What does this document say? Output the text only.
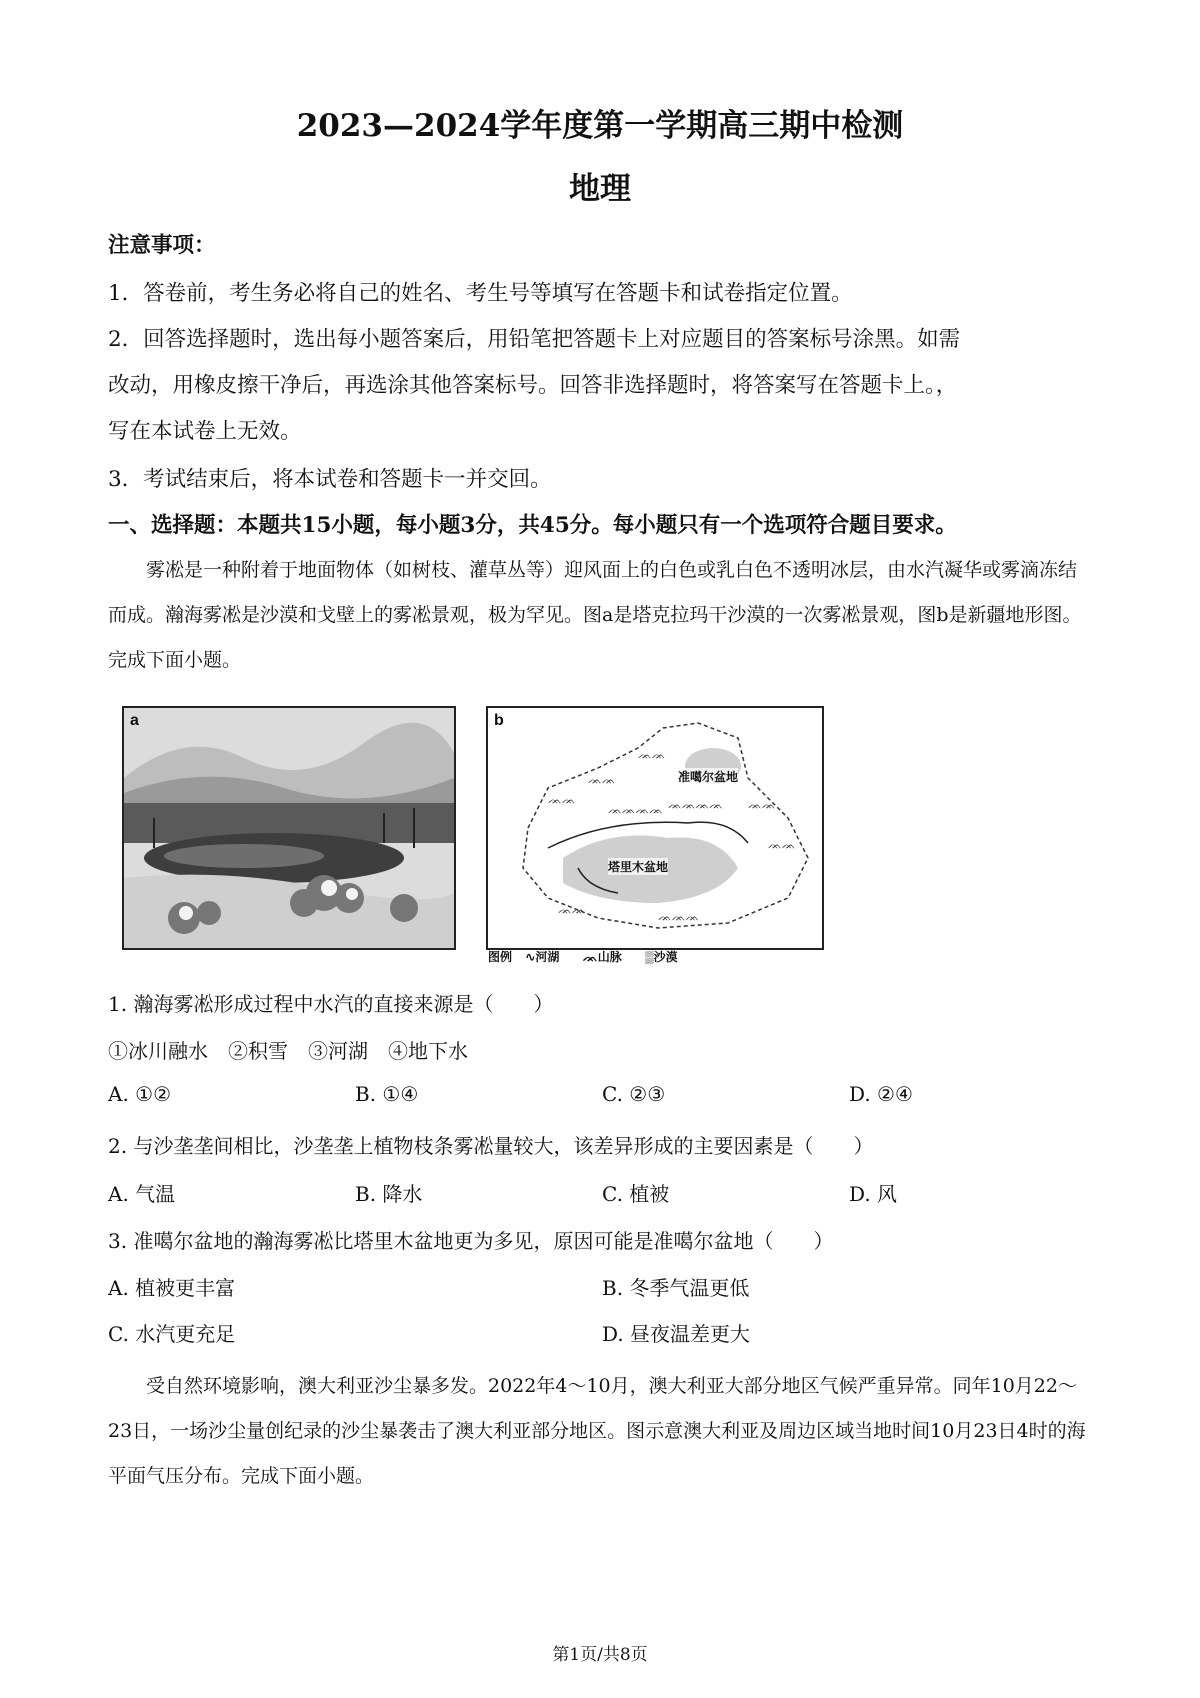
2023—2024学年度第一学期高三期中检测
地理
注意事项：
1．答卷前，考生务必将自己的姓名、考生号等填写在答题卡和试卷指定位置。
2．回答选择题时，选出每小题答案后，用铅笔把答题卡上对应题目的答案标号涂黑。如需
改动，用橡皮擦干净后，再选涂其他答案标号。回答非选择题时，将答案写在答题卡上。，
写在本试卷上无效。
3．考试结束后，将本试卷和答题卡一并交回。
一、选择题：本题共15小题，每小题3分，共45分。每小题只有一个选项符合题目要求。
雾凇是一种附着于地面物体（如树枝、灌草丛等）迎风面上的白色或乳白色不透明冰层，由水汽凝华或雾滴冻结而成。瀚海雾凇是沙漠和戈壁上的雾凇景观，极为罕见。图a是塔克拉玛干沙漠的一次雾凇景观，图b是新疆地形图。完成下面小题。
a
ᨏᨏ
ᨏᨏ
ᨏᨏ
ᨏᨏ
ᨏᨏ
ᨏᨏᨏᨏ ᨏᨏᨏᨏ
ᨏᨏ
ᨏᨏᨏ
b
准噶尔盆地
塔里木盆地
图例 ∿河湖 ᨏ山脉 ▒沙漠
1. 瀚海雾凇形成过程中水汽的直接来源是（　　）
①冰川融水　②积雪　③河湖　④地下水
A. ①②	B. ①④	C. ②③	D. ②④
2. 与沙垄垄间相比，沙垄垄上植物枝条雾凇量较大，该差异形成的主要因素是（　　）
A. 气温	B. 降水	C. 植被	D. 风
3. 准噶尔盆地的瀚海雾凇比塔里木盆地更为多见，原因可能是准噶尔盆地（　　）
A. 植被更丰富	B. 冬季气温更低
C. 水汽更充足	D. 昼夜温差更大
受自然环境影响，澳大利亚沙尘暴多发。2022年4～10月，澳大利亚大部分地区气候严重异常。同年10月22～23日，一场沙尘量创纪录的沙尘暴袭击了澳大利亚部分地区。图示意澳大利亚及周边区域当地时间10月23日4时的海平面气压分布。完成下面小题。
第1页/共8页
